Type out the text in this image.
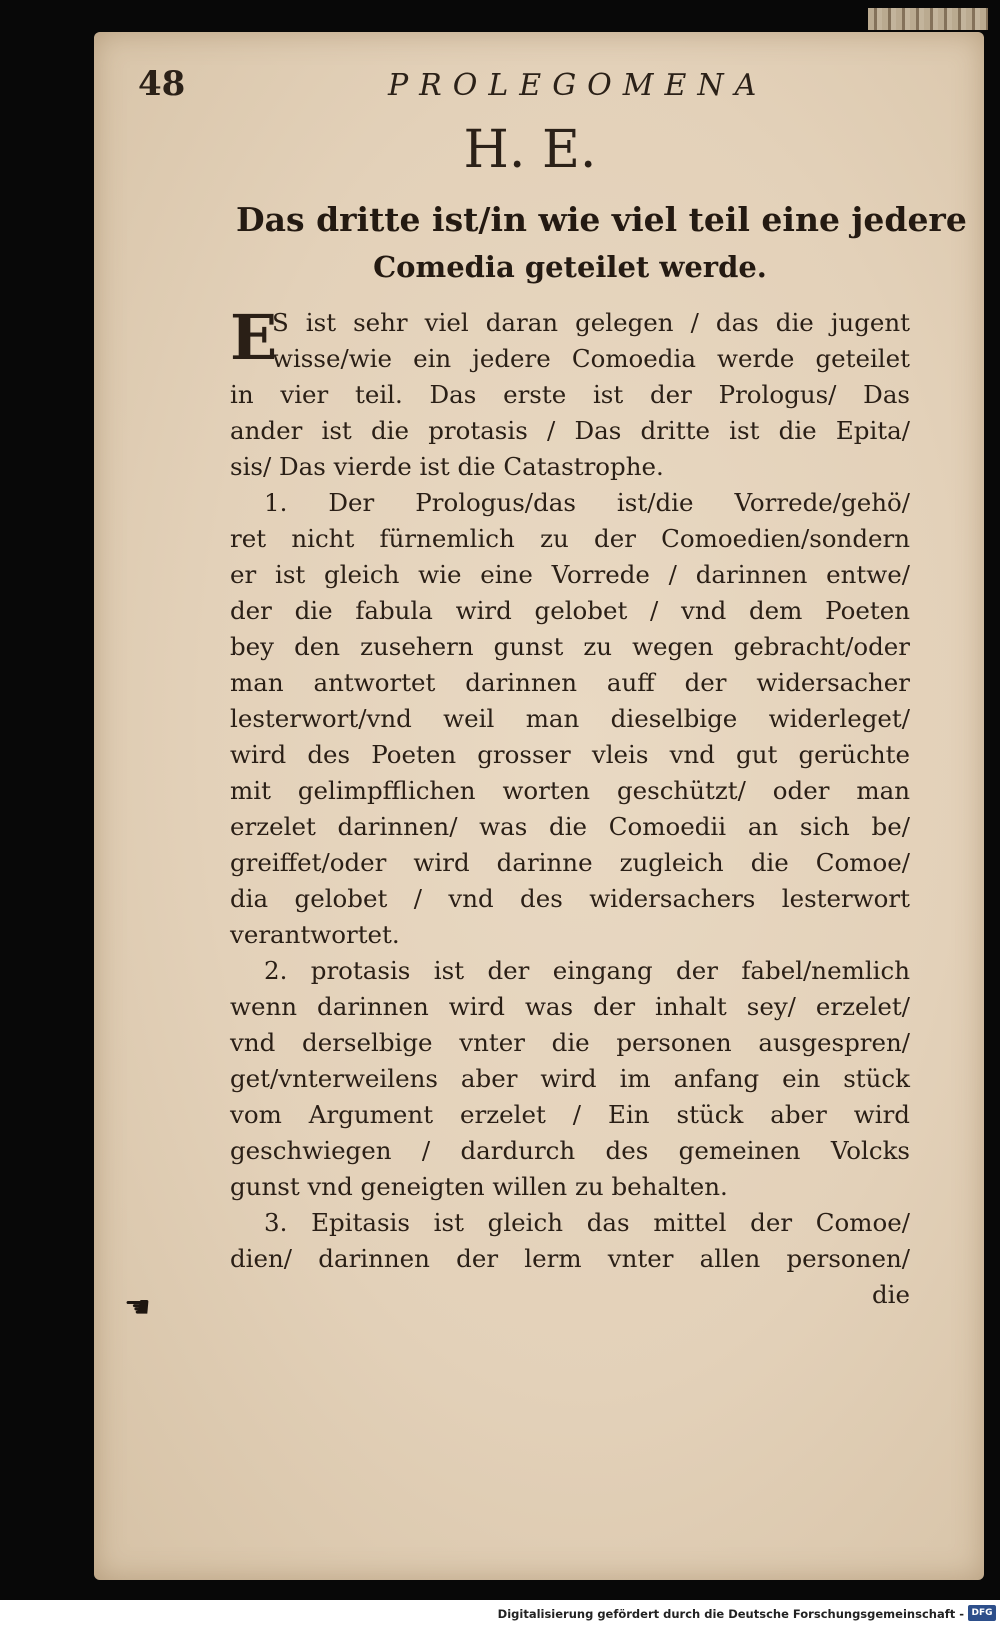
48	PROLEGOMENA
H. E.
Das dritte ist/in wie viel teil eine jedere
Comedia geteilet werde.
E
S ist sehr viel daran gelegen / das die jugent
wisse/wie ein jedere Comoedia werde geteilet
in vier teil. Das erste ist der Prologus/ Das
ander ist die protasis / Das dritte ist die Epita/
sis/ Das vierde ist die Catastrophe.
1. Der Prologus/das ist/die Vorrede/gehö/
ret nicht fürnemlich zu der Comoedien/sondern
er ist gleich wie eine Vorrede / darinnen entwe/
der die fabula wird gelobet / vnd dem Poeten
bey den zusehern gunst zu wegen gebracht/oder
man antwortet darinnen auff der widersacher
lesterwort/vnd weil man dieselbige widerleget/
wird des Poeten grosser vleis vnd gut gerüchte
mit gelimpfflichen worten geschützt/ oder man
erzelet darinnen/ was die Comoedii an sich be/
greiffet/oder wird darinne zugleich die Comoe/
dia gelobet / vnd des widersachers lesterwort
verantwortet.
2. protasis ist der eingang der fabel/nemlich
wenn darinnen wird was der inhalt sey/ erzelet/
vnd derselbige vnter die personen ausgespren/
get/vnterweilens aber wird im anfang ein stück
vom Argument erzelet / Ein stück aber wird
geschwiegen / dardurch des gemeinen Volcks
gunst vnd geneigten willen zu behalten.
3. Epitasis ist gleich das mittel der Comoe/
dien/ darinnen der lerm vnter allen personen/
die
☚
Digitalisierung gefördert durch die Deutsche Forschungsgemeinschaft - DFG
